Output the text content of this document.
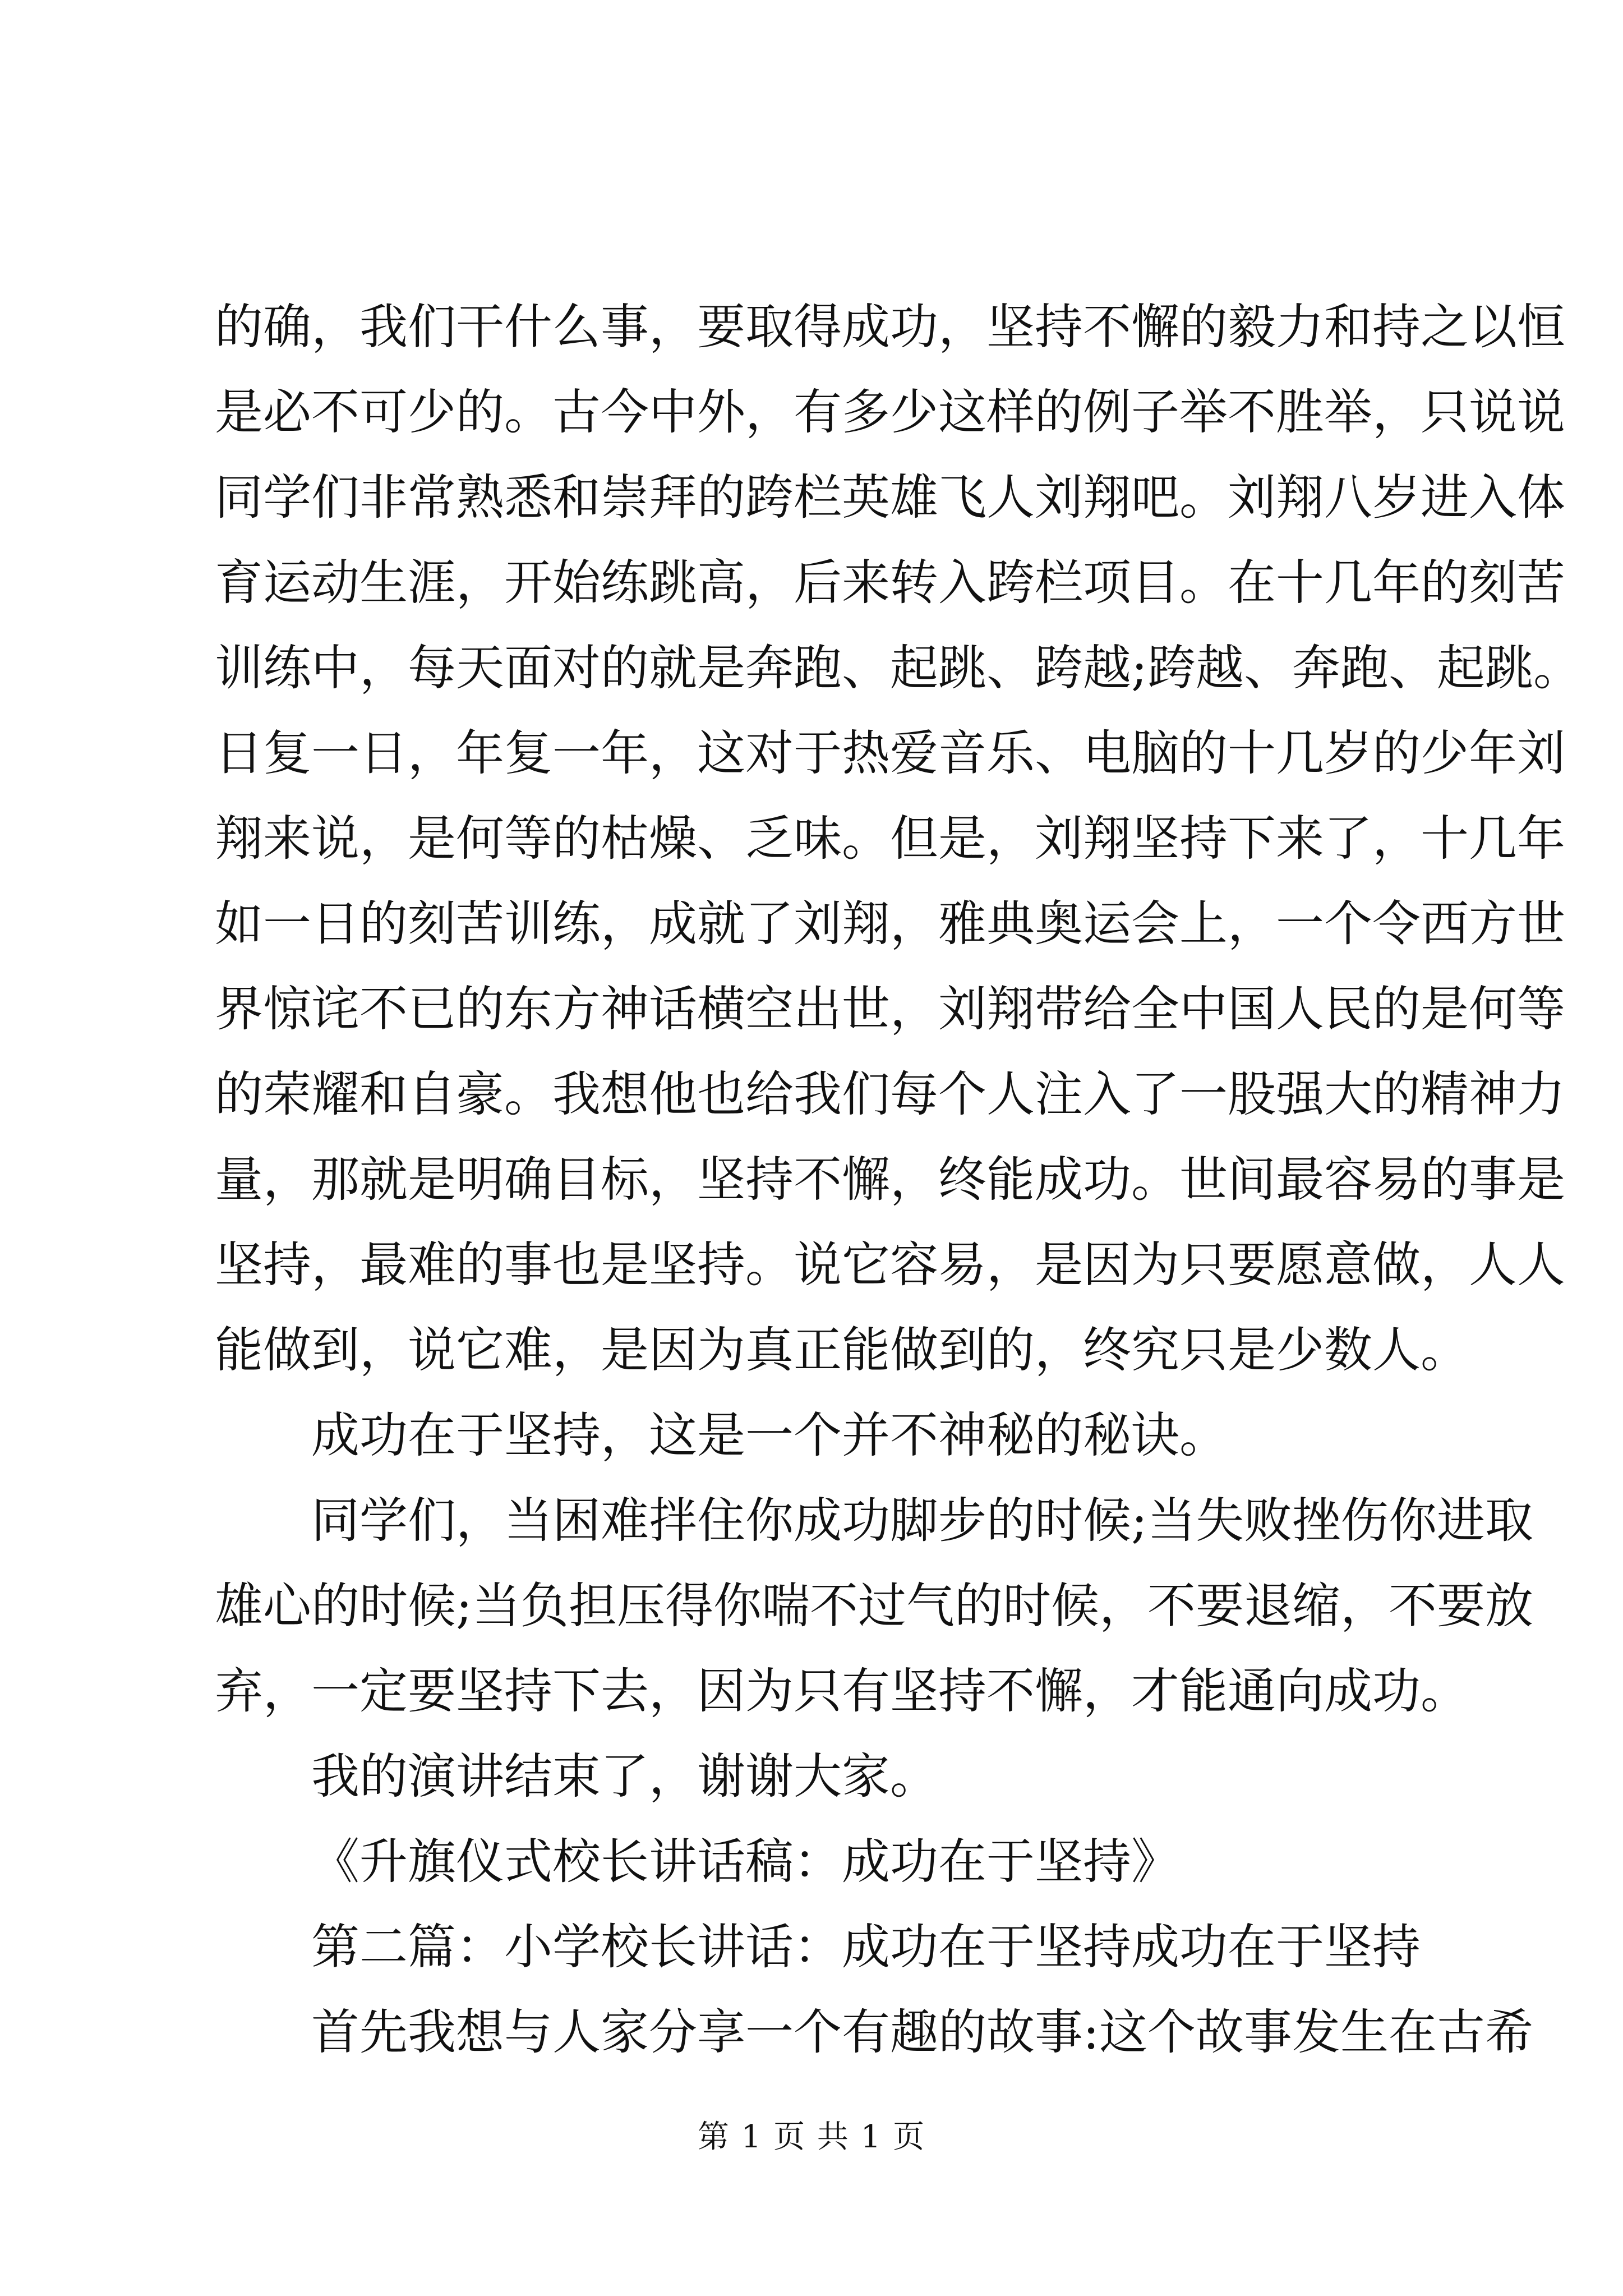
的确，我们干什么事，要取得成功，坚持不懈的毅力和持之以恒
是必不可少的。古今中外，有多少这样的例子举不胜举，只说说
同学们非常熟悉和崇拜的跨栏英雄飞人刘翔吧。刘翔八岁进入体
育运动生涯，开始练跳高，后来转入跨栏项目。在十几年的刻苦
训练中，每天面对的就是奔跑、起跳、跨越;跨越、奔跑、起跳。
日复一日，年复一年，这对于热爱音乐、电脑的十几岁的少年刘
翔来说，是何等的枯燥、乏味。但是，刘翔坚持下来了，十几年
如一日的刻苦训练，成就了刘翔，雅典奥运会上，一个令西方世
界惊诧不已的东方神话横空出世，刘翔带给全中国人民的是何等
的荣耀和自豪。我想他也给我们每个人注入了一股强大的精神力
量，那就是明确目标，坚持不懈，终能成功。世间最容易的事是
坚持，最难的事也是坚持。说它容易，是因为只要愿意做，人人
能做到，说它难，是因为真正能做到的，终究只是少数人。
成功在于坚持，这是一个并不神秘的秘诀。
同学们，当困难拌住你成功脚步的时候;当失败挫伤你进取
雄心的时候;当负担压得你喘不过气的时候，不要退缩，不要放
弃，一定要坚持下去，因为只有坚持不懈，才能通向成功。
我的演讲结束了，谢谢大家。
《升旗仪式校长讲话稿：成功在于坚持》
第二篇：小学校长讲话：成功在于坚持成功在于坚持
首先我想与人家分享一个有趣的故事:这个故事发生在古希
第 1 页 共 1 页
